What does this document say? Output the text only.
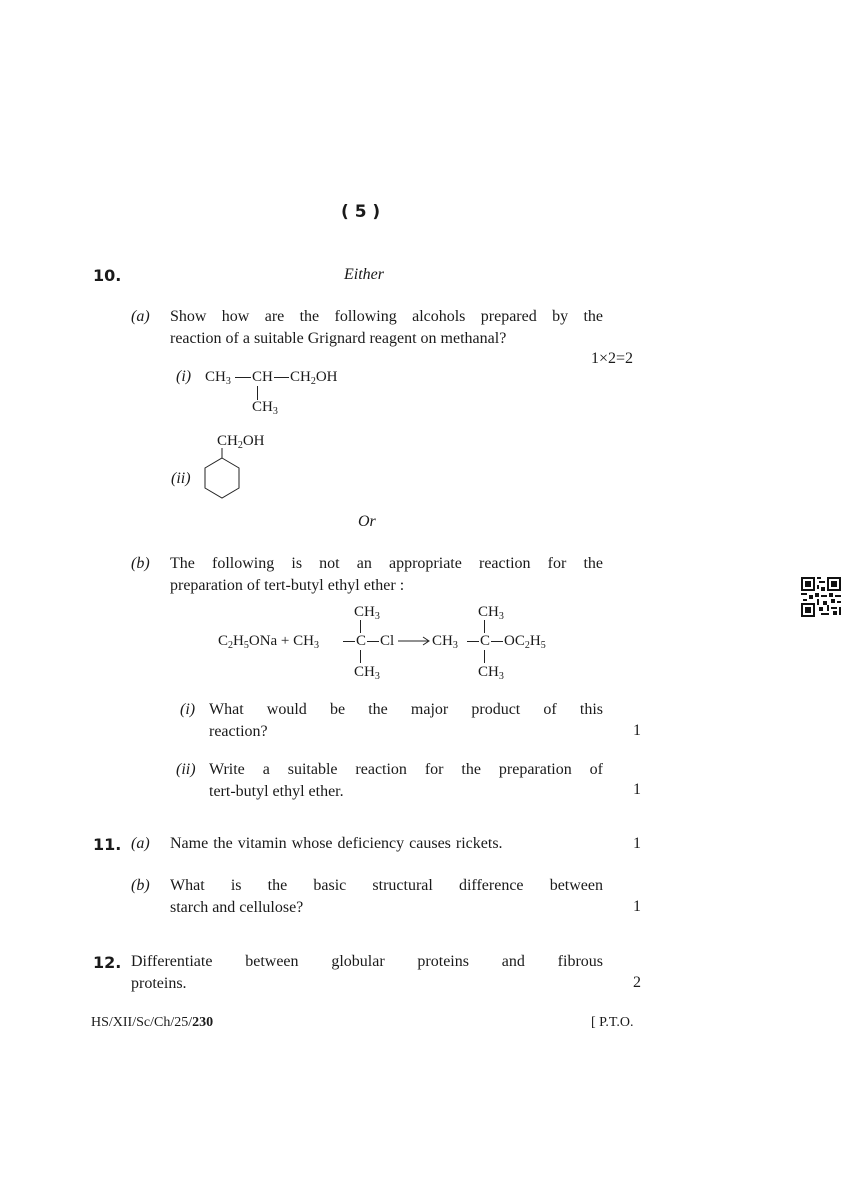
( 5 )
10.	Either
(a) Show how are the following alcohols prepared by the
reaction of a suitable Grignard reagent on methanal?
1×2=2
(i) $CH_3$ CH $CH_2OH$
$CH_3$
$CH_2OH$
(ii)
Or
(b) The following is not an appropriate reaction for the
preparation of tert-butyl ethyl ether :
$CH_3$	$CH_3$
$C_2H_5ONa + CH_3$ C $Cl \to CH_3$ C $OC_2H_5$
$CH_3$	$CH_3$
(i) What would be the major product of this
reaction?	1
(ii) Write a suitable reaction for the preparation of
tert-butyl ethyl ether.	1
11. (a) Name the vitamin whose deficiency causes rickets.	1
(b) What is the basic structural difference between
starch and cellulose?	1
12. Differentiate between globular proteins and fibrous
proteins.	2
HS/XII/Sc/Ch/25/230	[ P.T.O.
